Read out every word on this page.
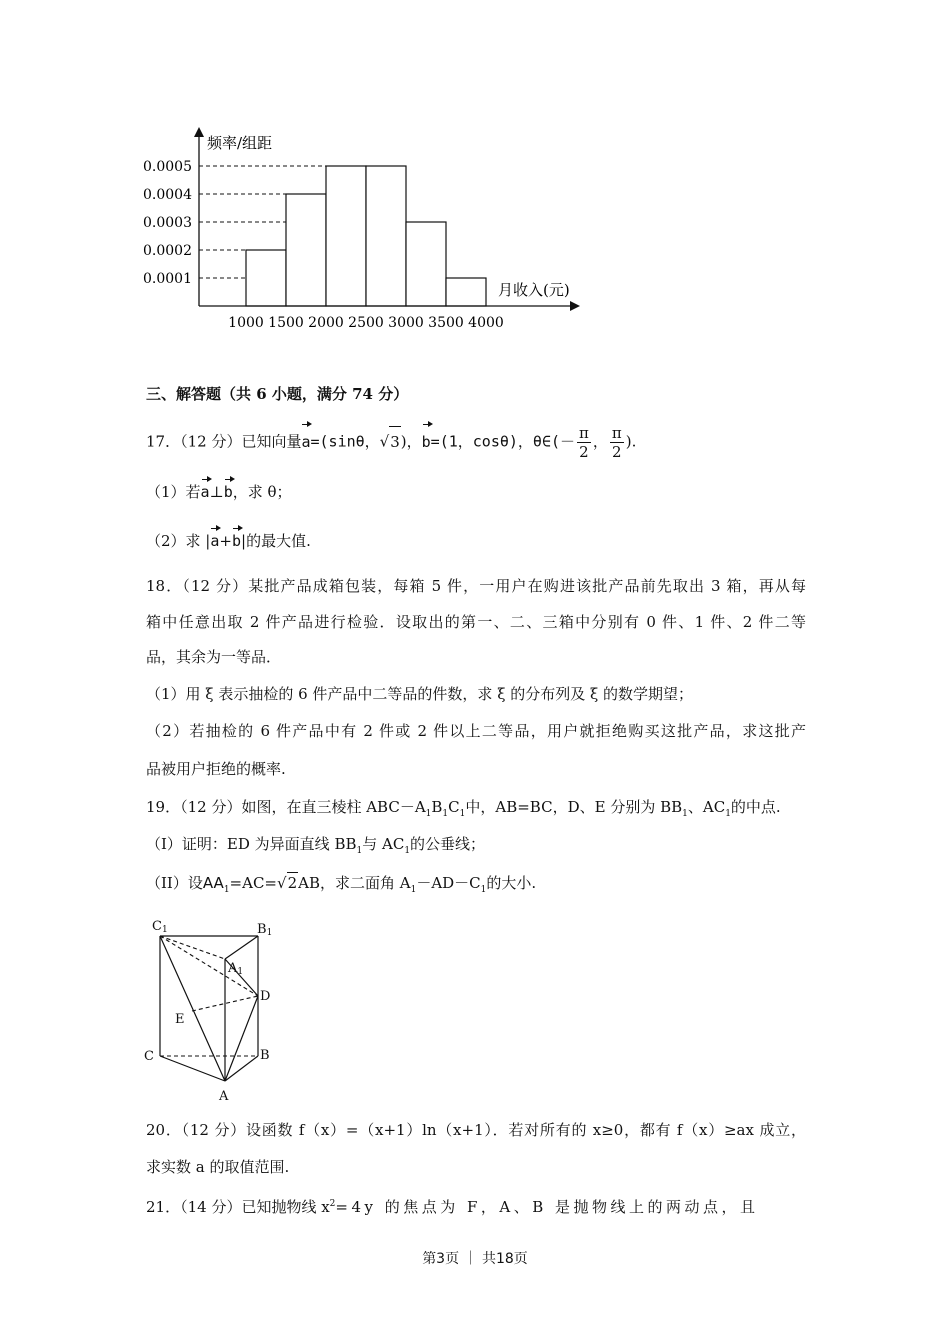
频率/组距
月收入(元)
0.0005
0.0004
0.0003
0.0002
0.0001
1000 1500 2000 2500 3000 3500 4000
三、解答题（共 6 小题，满分 74 分）
17．（12 分）已知向量a=(sinθ，√3)，b=(1，cosθ)，θ∈(－ $\frac{\pi}{2}$ ， $\frac{\pi}{2}$ ).
（1）若a⊥b，求 θ；
（2）求 |a+b|的最大值.
18．（12 分）某批产品成箱包装，每箱 5 件，一用户在购进该批产品前先取出 3 箱，再从每
箱中任意出取 2 件产品进行检验．设取出的第一、二、三箱中分别有 0 件、1 件、2 件二等
品，其余为一等品．
（1）用 ξ 表示抽检的 6 件产品中二等品的件数，求 ξ 的分布列及 ξ 的数学期望；
（2）若抽检的 6 件产品中有 2 件或 2 件以上二等品，用户就拒绝购买这批产品，求这批产
品被用户拒绝的概率.
19．（12 分）如图，在直三棱柱 $ABC-A_1B_1C_1$中，AB=BC，D、E 分别为 $BB_1$、$AC_1$的中点.
（I）证明：ED 为异面直线 $BB_1$与 $AC_1$的公垂线；
（II）设$AA_1=AC=√2AB$，求二面角 $A_1-AD-C_1$的大小.
C1	B1
A1
D
E
C	B
A
20．（12 分）设函数 f（x）=（x+1）ln（x+1）．若对所有的 x≥0，都有 f（x）≥ax 成立，
求实数 a 的取值范围.
21．（14 分）已知抛物线 $x^2=4y$ 的焦点为 F，A、B 是抛物线上的两动点，且
第3页 ｜ 共18页
